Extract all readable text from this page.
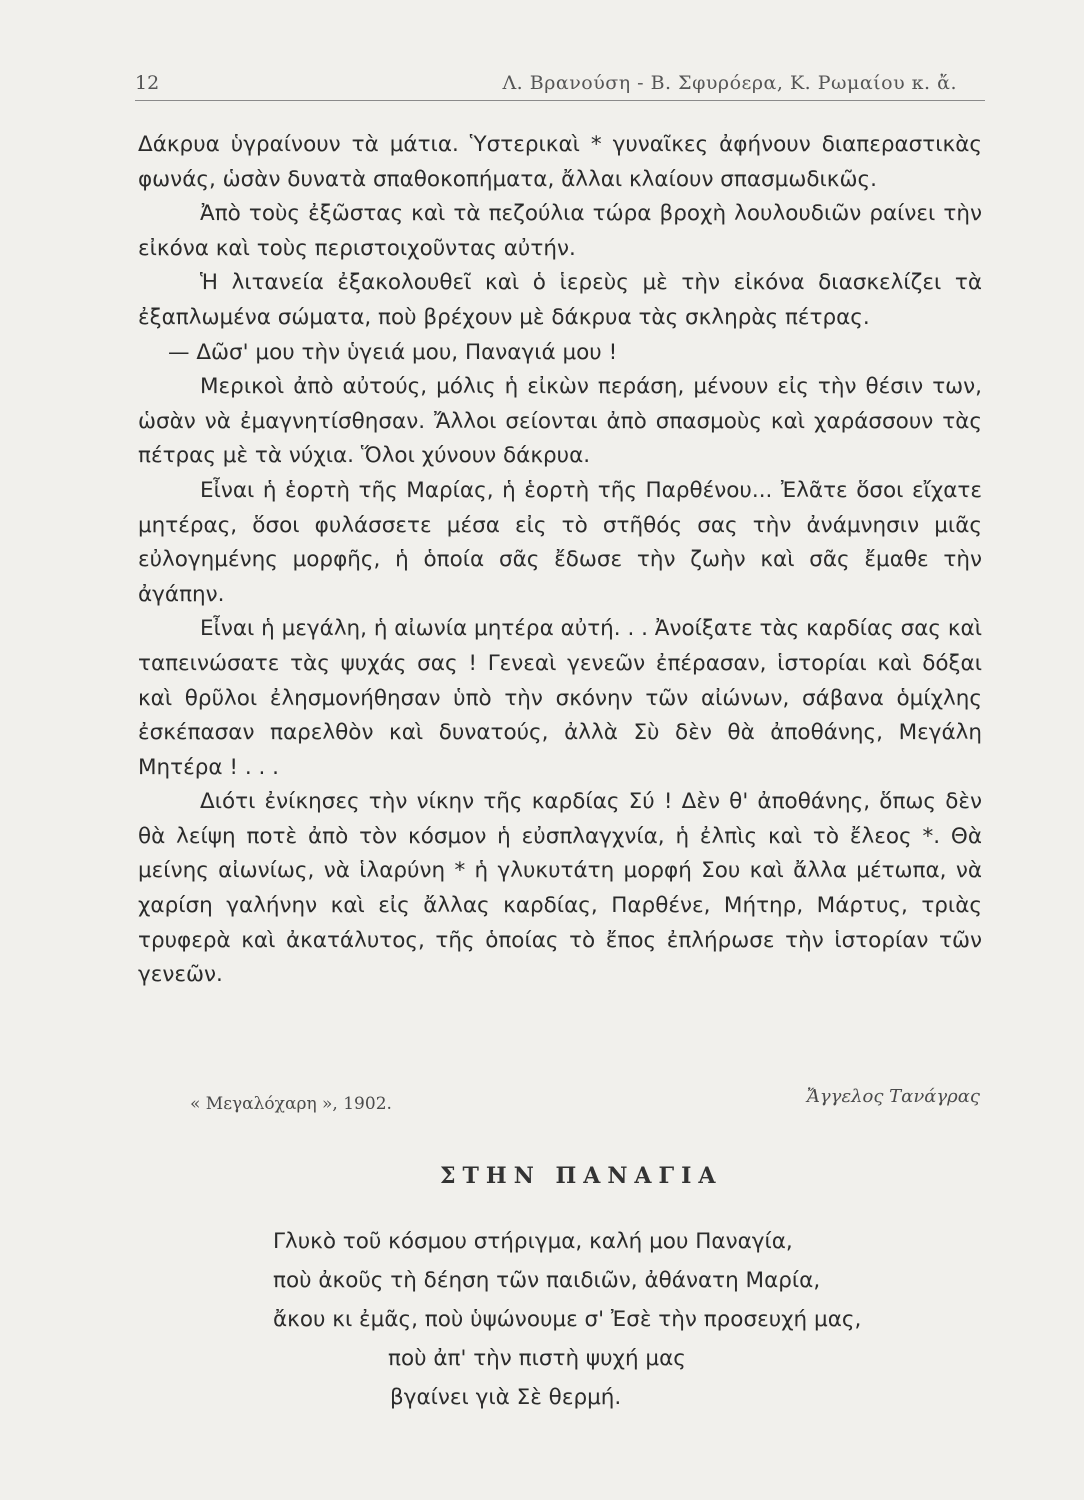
12	Λ. Βρανούση - Β. Σφυρόερα, Κ. Ρωμαίου κ. ἄ.

Δάκρυα ὑγραίνουν τὰ μάτια. Ὑστερικαὶ * γυναῖκες ἀφήνουν διαπεραστικὰς φωνάς, ὡσὰν δυνατὰ σπαθοκοπήματα, ἄλλαι κλαίουν σπασμωδικῶς.

Ἀπὸ τοὺς ἐξῶστας καὶ τὰ πεζούλια τώρα βροχὴ λουλουδιῶν ραίνει τὴν εἰκόνα καὶ τοὺς περιστοιχοῦντας αὐτήν.

Ἡ λιτανεία ἐξακολουθεῖ καὶ ὁ ἱερεὺς μὲ τὴν εἰκόνα διασκελίζει τὰ ἐξαπλωμένα σώματα, ποὺ βρέχουν μὲ δάκρυα τὰς σκληρὰς πέτρας.

— Δῶσ' μου τὴν ὑγειά μου, Παναγιά μου !

Μερικοὶ ἀπὸ αὐτούς, μόλις ἡ εἰκὼν περάση, μένουν εἰς τὴν θέσιν των, ὡσὰν νὰ ἐμαγνητίσθησαν. Ἄλλοι σείονται ἀπὸ σπασμοὺς καὶ χαράσσουν τὰς πέτρας μὲ τὰ νύχια. Ὅλοι χύνουν δάκρυα.

Εἶναι ἡ ἑορτὴ τῆς Μαρίας, ἡ ἑορτὴ τῆς Παρθένου... Ἐλᾶτε ὅσοι εἴχατε μητέρας, ὅσοι φυλάσσετε μέσα εἰς τὸ στῆθός σας τὴν ἀνάμνησιν μιᾶς εὐλογημένης μορφῆς, ἡ ὁποία σᾶς ἔδωσε τὴν ζωὴν καὶ σᾶς ἔμαθε τὴν ἀγάπην.

Εἶναι ἡ μεγάλη, ἡ αἰωνία μητέρα αὐτή. . . Ἀνοίξατε τὰς καρδίας σας καὶ ταπεινώσατε τὰς ψυχάς σας ! Γενεαὶ γενεῶν ἐπέρασαν, ἱστορίαι καὶ δόξαι καὶ θρῦλοι ἐλησμονήθησαν ὑπὸ τὴν σκόνην τῶν αἰώνων, σάβανα ὁμίχλης ἐσκέπασαν παρελθὸν καὶ δυνατούς, ἀλλὰ Σὺ δὲν θὰ ἀποθάνης, Μεγάλη Μητέρα ! . . .

Διότι ἐνίκησες τὴν νίκην τῆς καρδίας Σύ ! Δὲν θ' ἀποθάνης, ὅπως δὲν θὰ λείψη ποτὲ ἀπὸ τὸν κόσμον ἡ εὐσπλαγχνία, ἡ ἐλπὶς καὶ τὸ ἔλεος *. Θὰ μείνης αἰωνίως, νὰ ἱλαρύνη * ἡ γλυκυτάτη μορφή Σου καὶ ἄλλα μέτωπα, νὰ χαρίση γαλήνην καὶ εἰς ἄλλας καρδίας, Παρθένε, Μήτηρ, Μάρτυς, τριὰς τρυφερὰ καὶ ἀκατάλυτος, τῆς ὁποίας τὸ ἔπος ἐπλήρωσε τὴν ἱστορίαν τῶν γενεῶν.

« Μεγαλόχαρη », 1902.	Ἄγγελος Τανάγρας
ΣΤΗΝ ΠΑΝΑΓΙΑ
Γλυκὸ τοῦ κόσμου στήριγμα, καλή μου Παναγία,
ποὺ ἀκοῦς τὴ δέηση τῶν παιδιῶν, ἀθάνατη Μαρία,
ἄκου κι ἐμᾶς, ποὺ ὑψώνουμε σ' Ἐσὲ τὴν προσευχή μας,
ποὺ ἀπ' τὴν πιστὴ ψυχή μας
βγαίνει γιὰ Σὲ θερμή.
